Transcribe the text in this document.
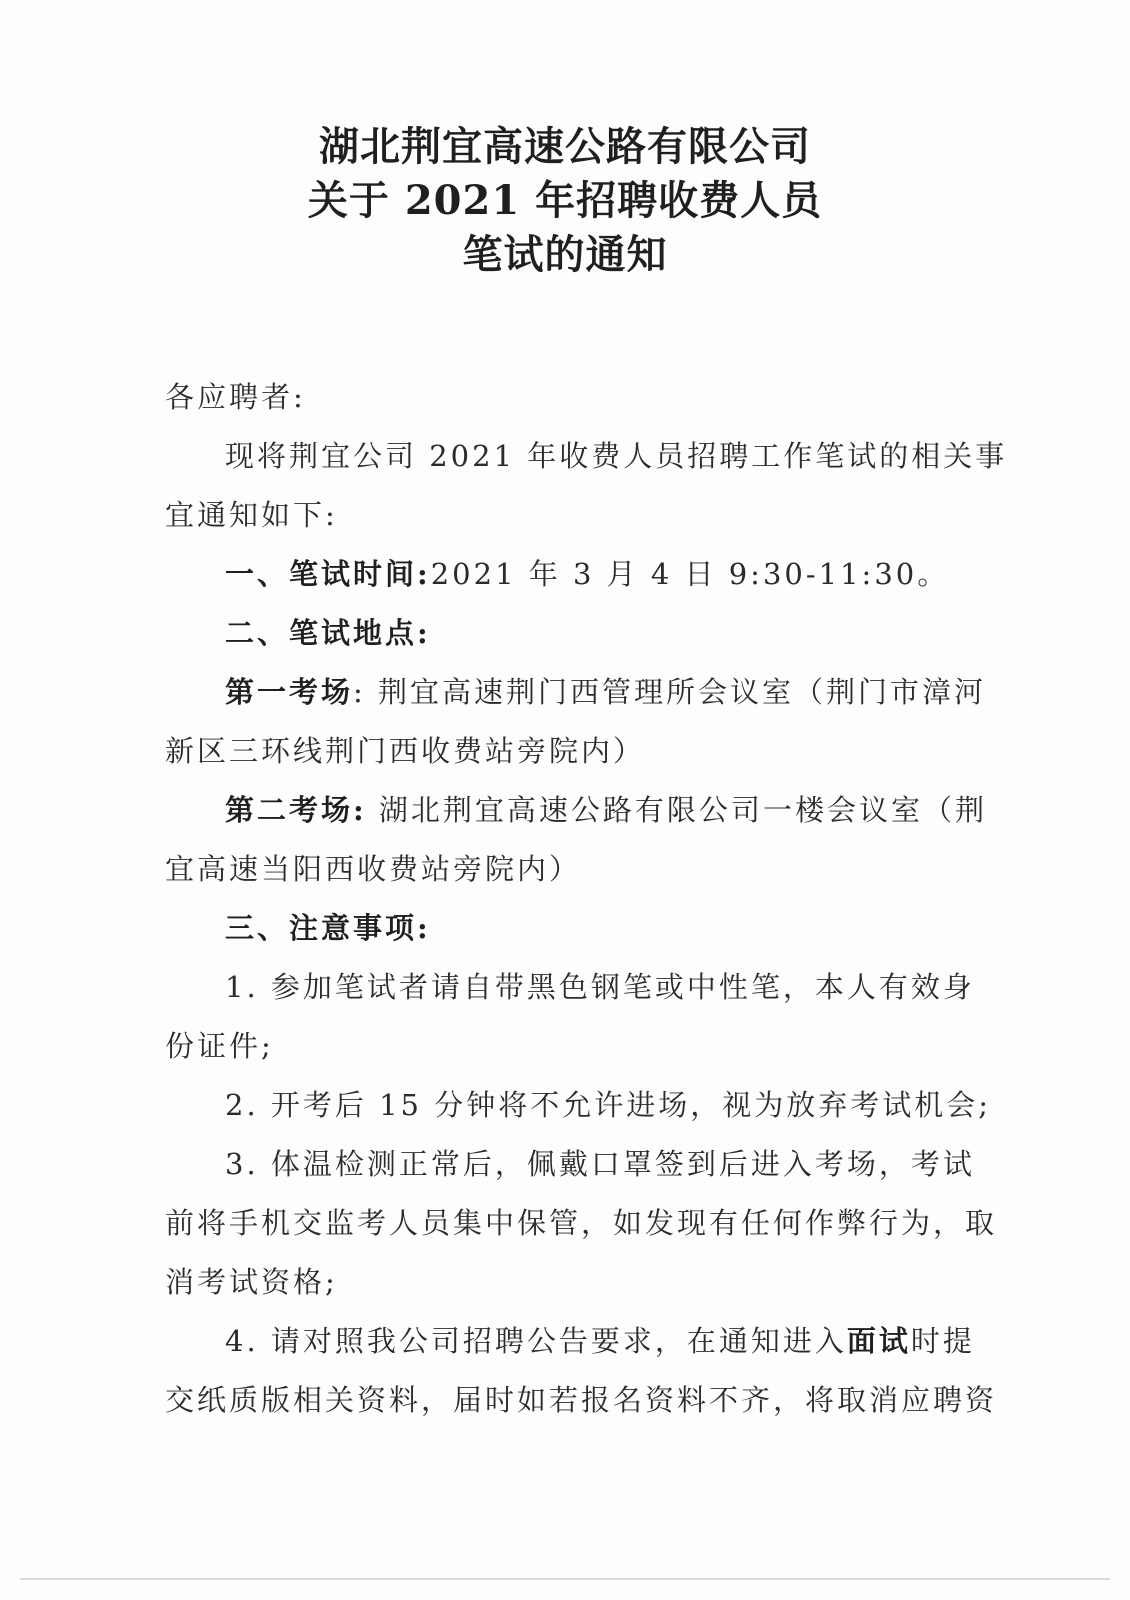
湖北荆宜高速公路有限公司
关于 2021 年招聘收费人员
笔试的通知
各应聘者:
现将荆宜公司 2021 年收费人员招聘工作笔试的相关事
宜通知如下:
一、笔试时间:2021 年 3 月 4 日 9:30-11:30。
二、笔试地点:
第一考场: 荆宜高速荆门西管理所会议室（荆门市漳河
新区三环线荆门西收费站旁院内）
第二考场: 湖北荆宜高速公路有限公司一楼会议室（荆
宜高速当阳西收费站旁院内）
三、注意事项:
1. 参加笔试者请自带黑色钢笔或中性笔，本人有效身
份证件;
2. 开考后 15 分钟将不允许进场，视为放弃考试机会;
3. 体温检测正常后，佩戴口罩签到后进入考场，考试
前将手机交监考人员集中保管，如发现有任何作弊行为，取
消考试资格;
4. 请对照我公司招聘公告要求，在通知进入面试时提
交纸质版相关资料，届时如若报名资料不齐，将取消应聘资
